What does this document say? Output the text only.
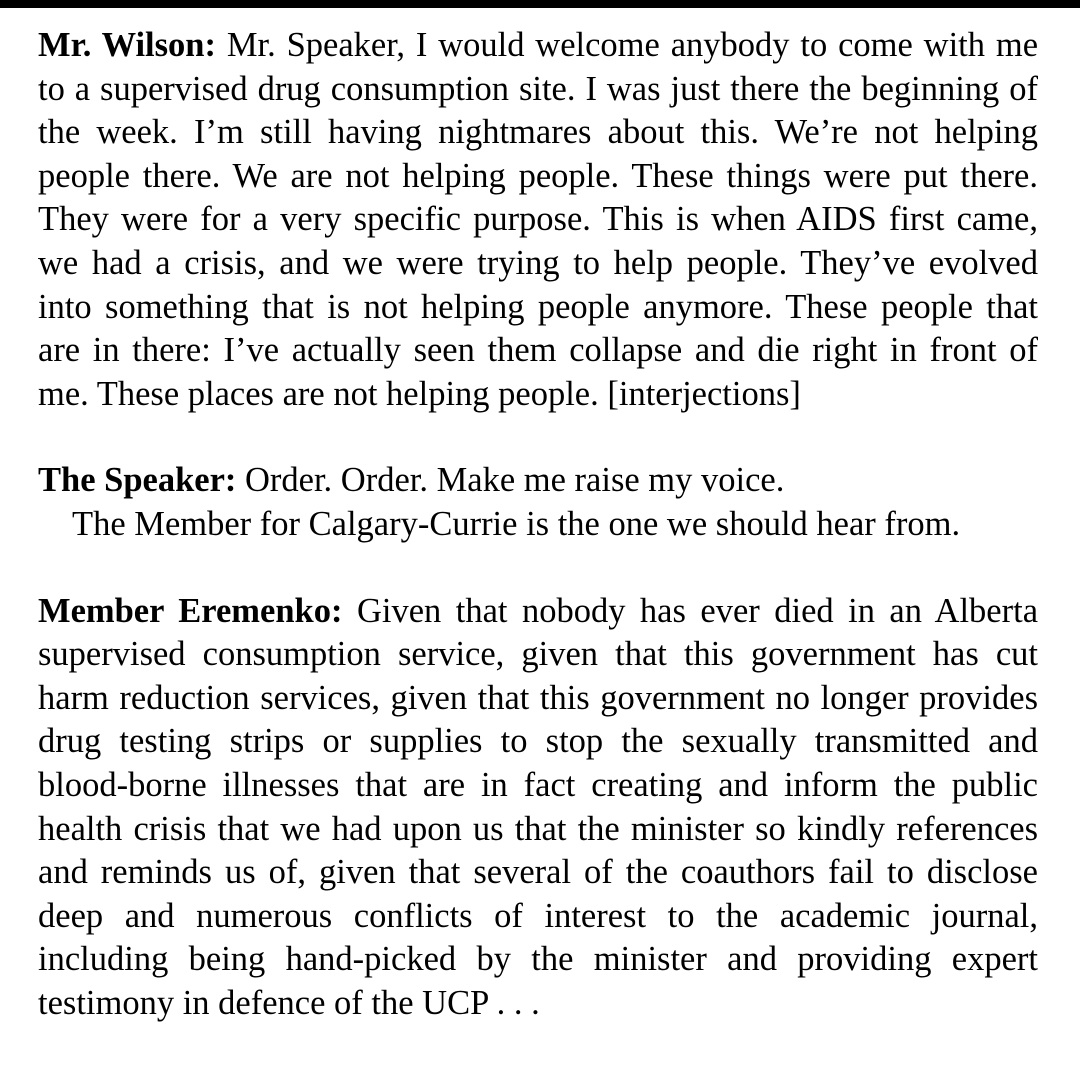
Mr. Wilson: Mr. Speaker, I would welcome anybody to come with me to a supervised drug consumption site. I was just there the beginning of the week. I’m still having nightmares about this. We’re not helping people there. We are not helping people. These things were put there. They were for a very specific purpose. This is when AIDS first came, we had a crisis, and we were trying to help people. They’ve evolved into something that is not helping people anymore. These people that are in there: I’ve actually seen them collapse and die right in front of me. These places are not helping people. [interjections]

The Speaker: Order. Order. Make me raise my voice.

The Member for Calgary-Currie is the one we should hear from.

Member Eremenko: Given that nobody has ever died in an Alberta supervised consumption service, given that this government has cut harm reduction services, given that this government no longer provides drug testing strips or supplies to stop the sexually transmitted and blood-borne illnesses that are in fact creating and inform the public health crisis that we had upon us that the minister so kindly references and reminds us of, given that several of the coauthors fail to disclose deep and numerous conflicts of interest to the academic journal, including being hand-picked by the minister and providing expert testimony in defence of the UCP . . .
